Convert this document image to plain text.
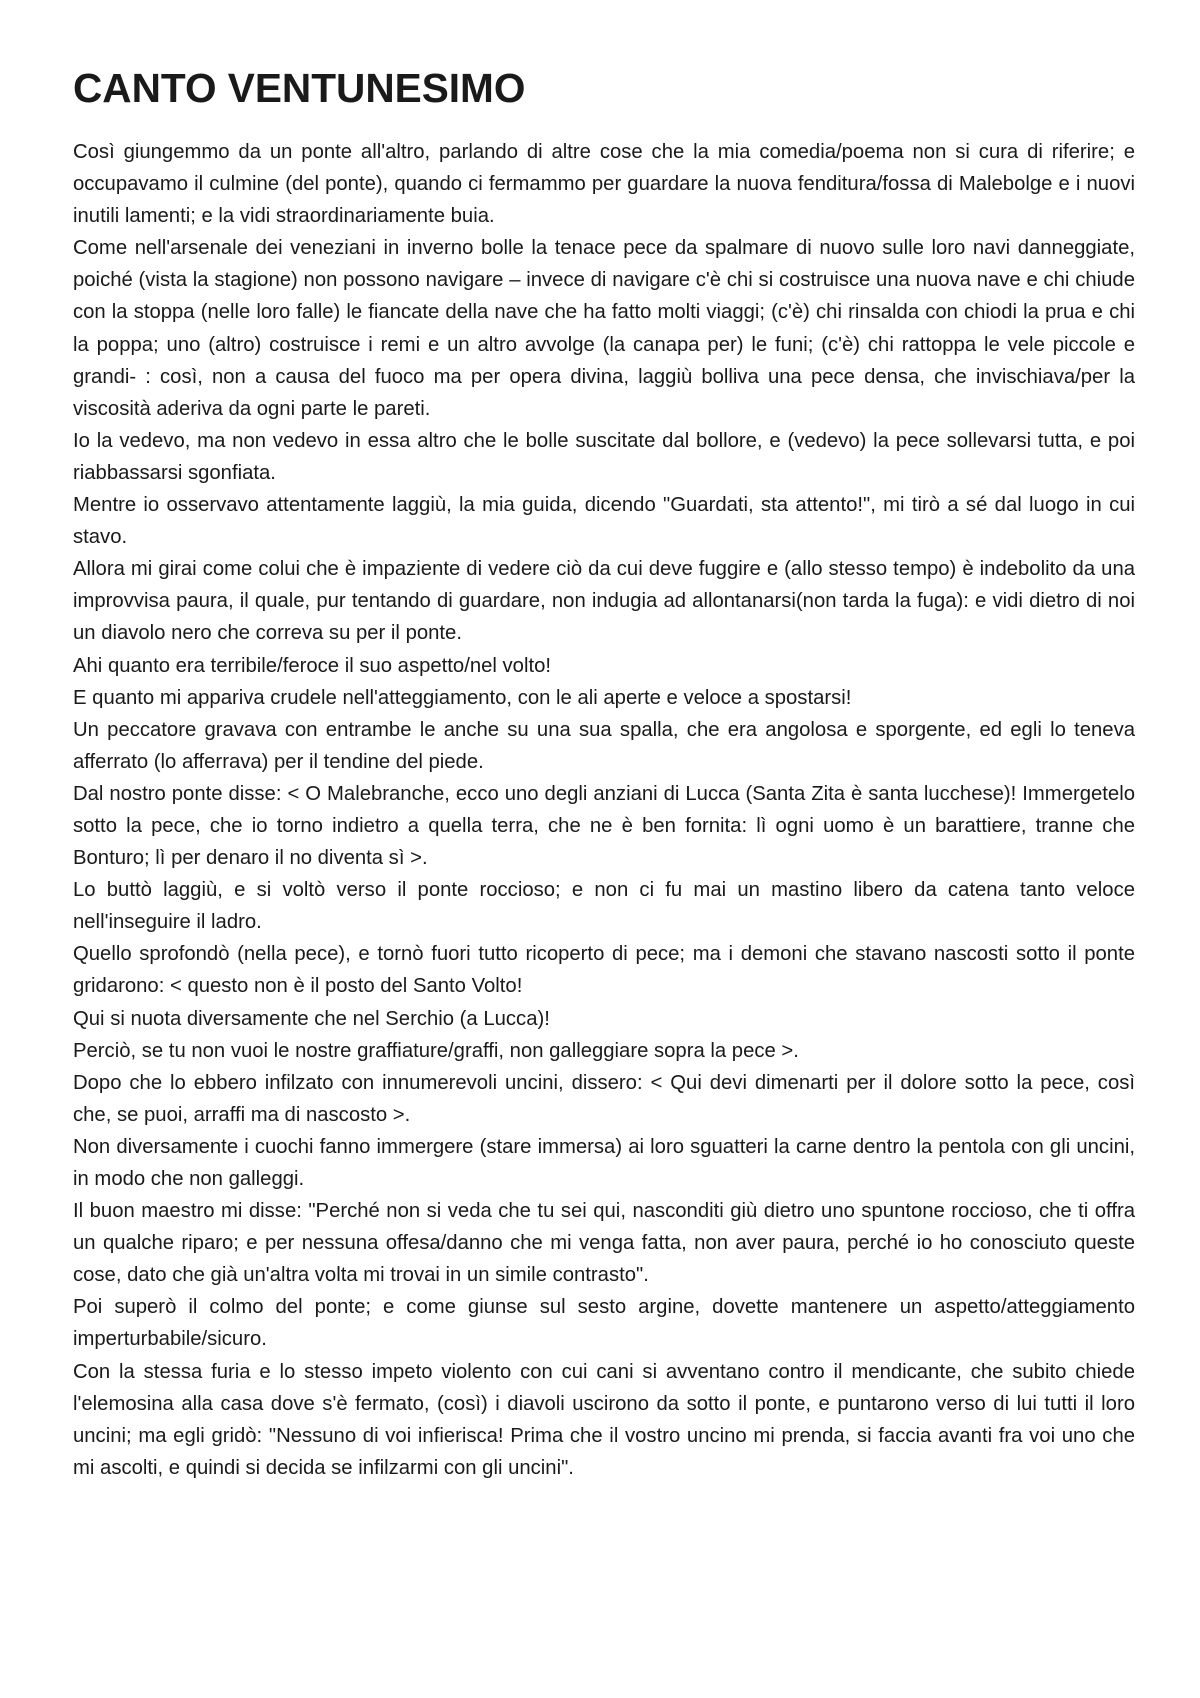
CANTO VENTUNESIMO

Così giungemmo da un ponte all'altro, parlando di altre cose che la mia comedia/poema non si cura di riferire; e occupavamo il culmine (del ponte), quando ci fermammo per guardare la nuova fenditura/fossa di Malebolge e i nuovi inutili lamenti; e la vidi straordinariamente buia.

Come nell'arsenale dei veneziani in inverno bolle la tenace pece da spalmare di nuovo sulle loro navi danneggiate, poiché (vista la stagione) non possono navigare – invece di navigare c'è chi si costruisce una nuova nave e chi chiude con la stoppa (nelle loro falle) le fiancate della nave che ha fatto molti viaggi; (c'è) chi rinsalda con chiodi la prua e chi la poppa; uno (altro) costruisce i remi e un altro avvolge (la canapa per) le funi; (c'è) chi rattoppa le vele piccole e grandi- : così, non a causa del fuoco ma per opera divina, laggiù bolliva una pece densa, che invischiava/per la viscosità aderiva da ogni parte le pareti.

Io la vedevo, ma non vedevo in essa altro che le bolle suscitate dal bollore, e (vedevo) la pece sollevarsi tutta, e poi riabbassarsi sgonfiata.

Mentre io osservavo attentamente laggiù, la mia guida, dicendo "Guardati, sta attento!", mi tirò a sé dal luogo in cui stavo.

Allora mi girai come colui che è impaziente di vedere ciò da cui deve fuggire e (allo stesso tempo) è indebolito da una improvvisa paura, il quale, pur tentando di guardare, non indugia ad allontanarsi(non tarda la fuga): e vidi dietro di noi un diavolo nero che correva su per il ponte.

Ahi quanto era terribile/feroce il suo aspetto/nel volto!

E quanto mi appariva crudele nell'atteggiamento, con le ali aperte e veloce a spostarsi!

Un peccatore gravava con entrambe le anche su una sua spalla, che era angolosa e sporgente, ed egli lo teneva afferrato (lo afferrava) per il tendine del piede.

Dal nostro ponte disse: < O Malebranche, ecco uno degli anziani di Lucca (Santa Zita è santa lucchese)! Immergetelo sotto la pece, che io torno indietro a quella terra, che ne è ben fornita: lì ogni uomo è un barattiere, tranne che Bonturo; lì per denaro il no diventa sì >.

Lo buttò laggiù, e si voltò verso il ponte roccioso; e non ci fu mai un mastino libero da catena tanto veloce nell'inseguire il ladro.

Quello sprofondò (nella pece), e tornò fuori tutto ricoperto di pece; ma i demoni che stavano nascosti sotto il ponte gridarono: < questo non è il posto del Santo Volto!

Qui si nuota diversamente che nel Serchio (a Lucca)!

Perciò, se tu non vuoi le nostre graffiature/graffi, non galleggiare sopra la pece >.

Dopo che lo ebbero infilzato con innumerevoli uncini, dissero: < Qui devi dimenarti per il dolore sotto la pece, così che, se puoi, arraffi ma di nascosto >.

Non diversamente i cuochi fanno immergere (stare immersa) ai loro sguatteri la carne dentro la pentola con gli uncini, in modo che non galleggi.

Il buon maestro mi disse: "Perché non si veda che tu sei qui, nasconditi giù dietro uno spuntone roccioso, che ti offra un qualche riparo; e per nessuna offesa/danno che mi venga fatta, non aver paura, perché io ho conosciuto queste cose, dato che già un'altra volta mi trovai in un simile contrasto".

Poi superò il colmo del ponte; e come giunse sul sesto argine, dovette mantenere un aspetto/atteggiamento imperturbabile/sicuro.

Con la stessa furia e lo stesso impeto violento con cui cani si avventano contro il mendicante, che subito chiede l'elemosina alla casa dove s'è fermato, (così) i diavoli uscirono da sotto il ponte, e puntarono verso di lui tutti il loro uncini; ma egli gridò: "Nessuno di voi infierisca! Prima che il vostro uncino mi prenda, si faccia avanti fra voi uno che mi ascolti, e quindi si decida se infilzarmi con gli uncini".
